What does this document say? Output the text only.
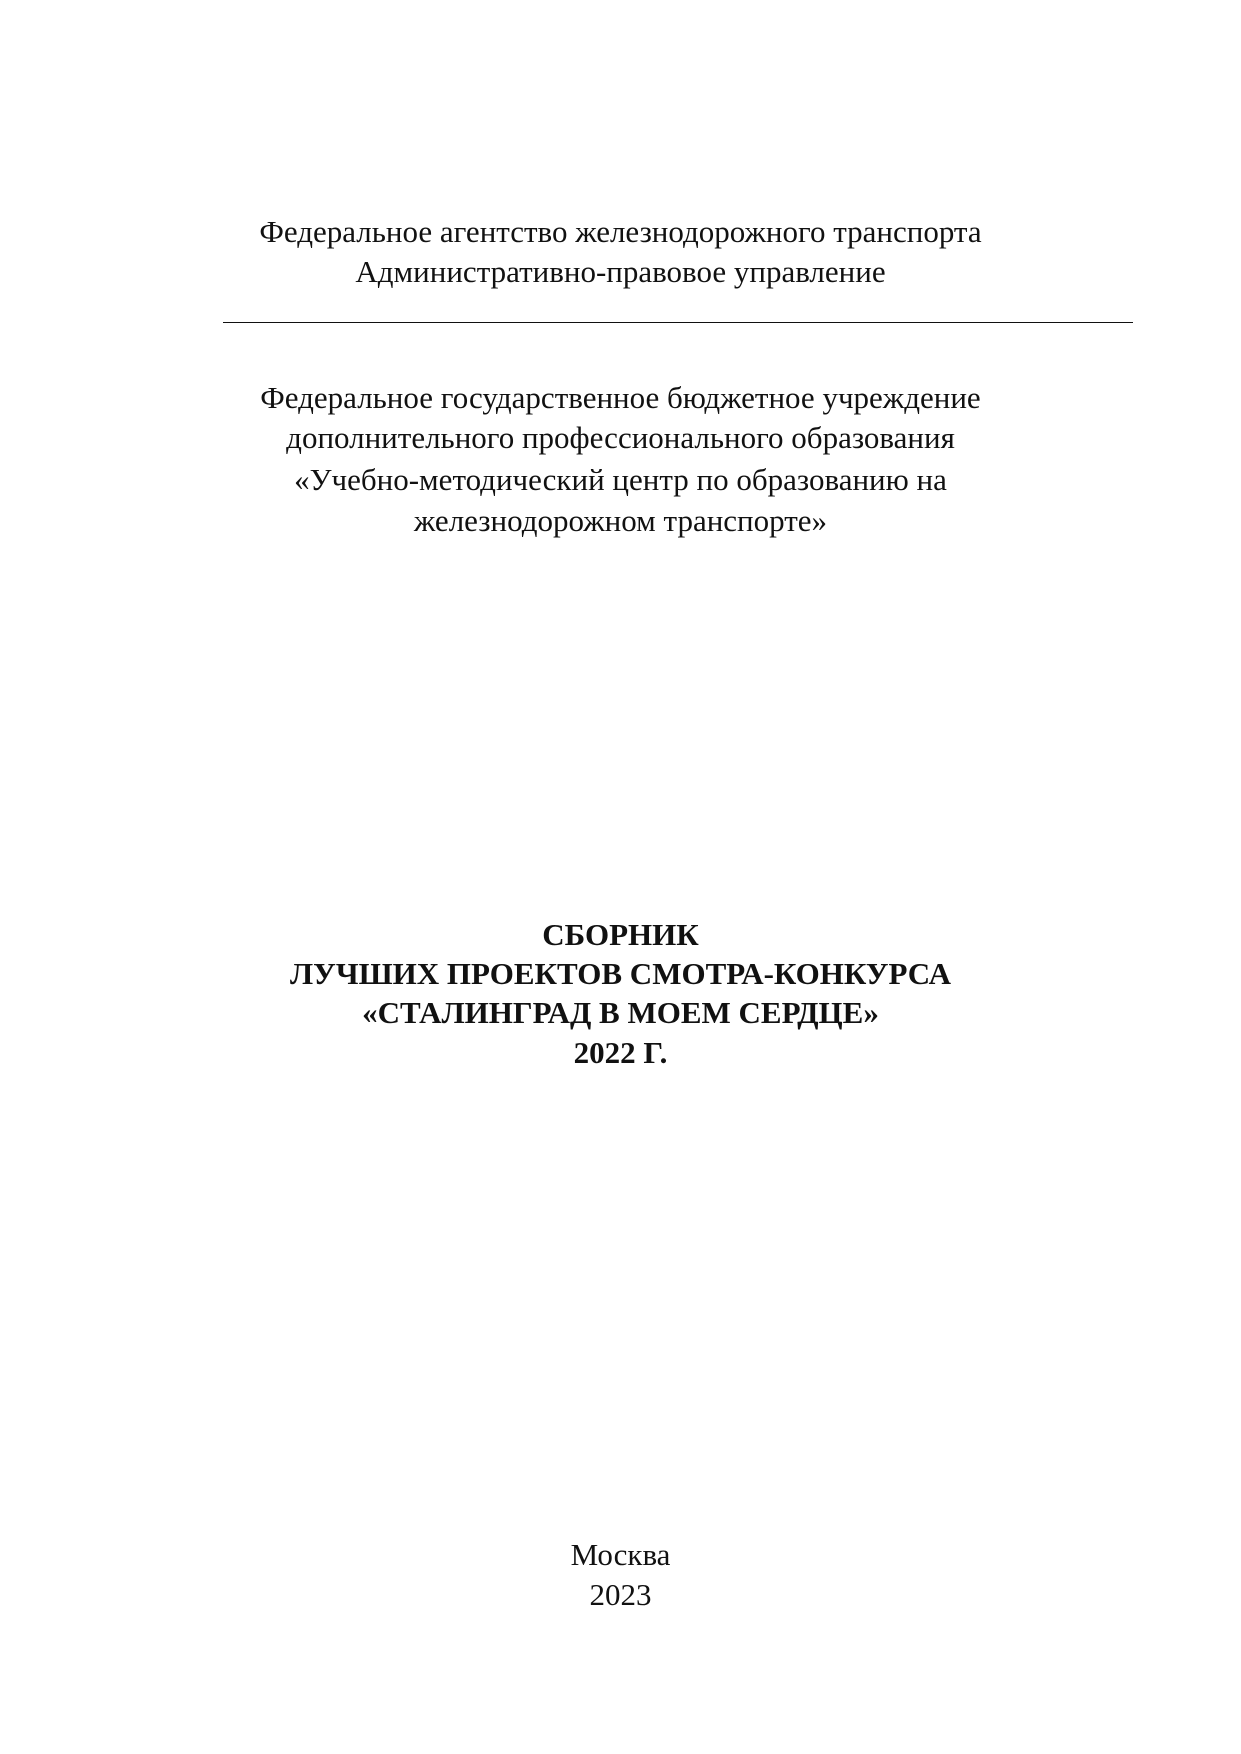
Федеральное агентство железнодорожного транспорта

Административно-правовое управление

Федеральное государственное бюджетное учреждение

дополнительного профессионального образования

«Учебно-методический центр по образованию на

железнодорожном транспорте»

СБОРНИК

ЛУЧШИХ ПРОЕКТОВ СМОТРА-КОНКУРСА

«СТАЛИНГРАД В МОЕМ СЕРДЦЕ»

2022 Г.

Москва

2023
